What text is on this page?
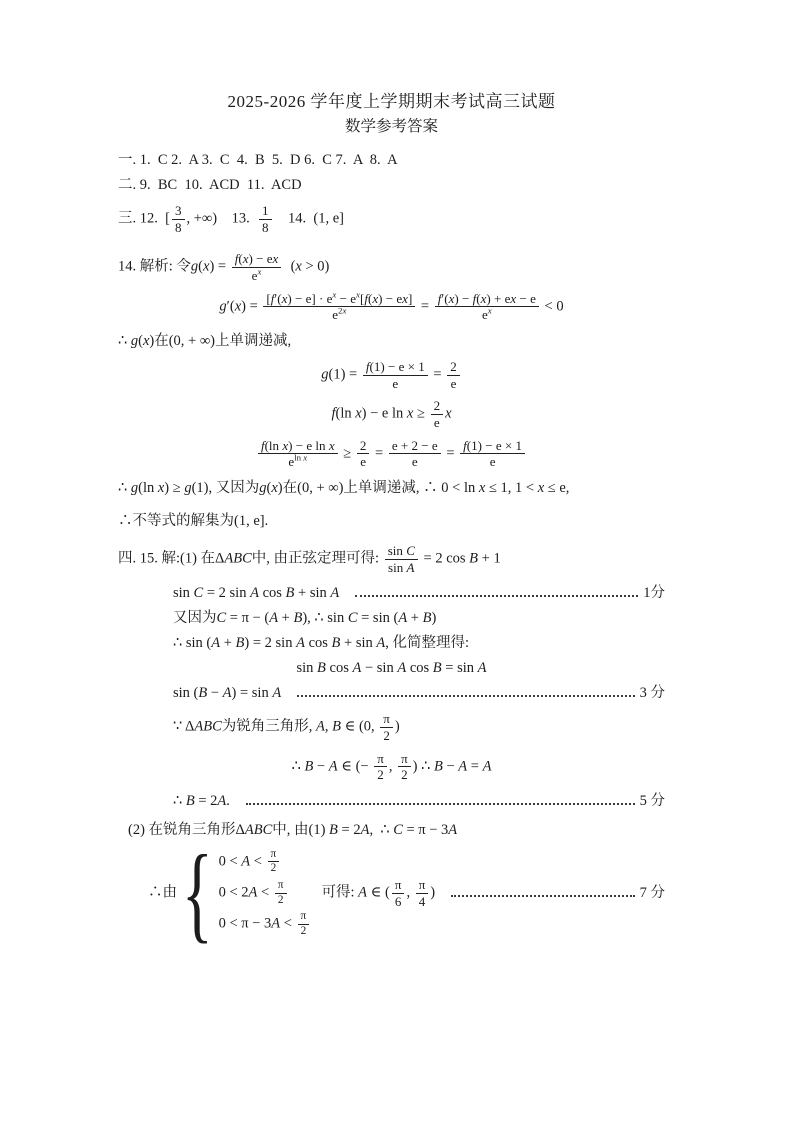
2025-2026 学年度上学期期末考试高三试题
数学参考答案
一. 1.  C 2.  A 3.  C  4.  B  5.  D 6.  C 7.  A  8.  A
二. 9.  BC  10.  ACD  11.  ACD
三. 12.  [ $\frac{3}{8}$ , +∞)    13. $\frac{1}{8} 14$.  (1, e]
14. 解析: 令$g(x) = \frac{f(x) - ex}{e^x} (x > 0)$
$g'(x) = \frac{[f'(x) - e] \cdot e^x - e^x[f(x) - ex]}{e^{2x}} = \frac{f'(x) - f(x) + ex - e}{e^x} < 0$
∴ g(x)在(0, + ∞)上单调递减,
$g(1) = \frac{f(1) - e \times 1}{e} = \frac{2}{e}$
f(ln x) − e $\ln x \ge \frac{2}{e}$ x
$\frac{\text{f(ln x) − e ln x}}{e^{ln x}} \ge \frac{2}{e} = \frac{e + 2 - e}{e} = \frac{f(1) - e \times 1}{e}$
∴ g(ln x) ≥ g(1), 又因为g(x)在(0, + ∞)上单调递减, ∴ 0 < ln x ≤ 1, 1 < x ≤ e,
∴不等式的解集为(1, e].
四. 15. 解:(1) 在ΔABC中, 由正弦定理可得: $\frac{\text{sin C}}{\text{sin A}} = 2$ cos B + 1
sin C = 2 sin A cos B + sin A	1分
又因为C = π − (A + B), ∴ sin C = sin (A + B)
∴ sin (A + B) = 2 sin A cos B + sin A, 化简整理得:
sin B cos A − sin A cos B = sin A
sin (B − A) = sin A	3 分
∵ ΔABC为锐角三角形, A, B ∈ (0, $\frac{\pi}{2}$ )
∴ B − A ∈ (− $\frac{\pi}{2}$ , $\frac{\pi}{2}$ ) ∴ B − A = A
∴ B = 2A.	5 分
(2) 在锐角三角形ΔABC中, 由(1) B = 2A,  ∴ C = π − 3A
∴由 { $0 < A < \frac{\pi}{2}$
$0 < 2A < \frac{\pi}{2}$
$0 < \pi - 3A < \frac{\pi}{2}$
可得: A ∈ ( $\frac{\pi}{6}$ , $\frac{\pi}{4}$ )	7 分
